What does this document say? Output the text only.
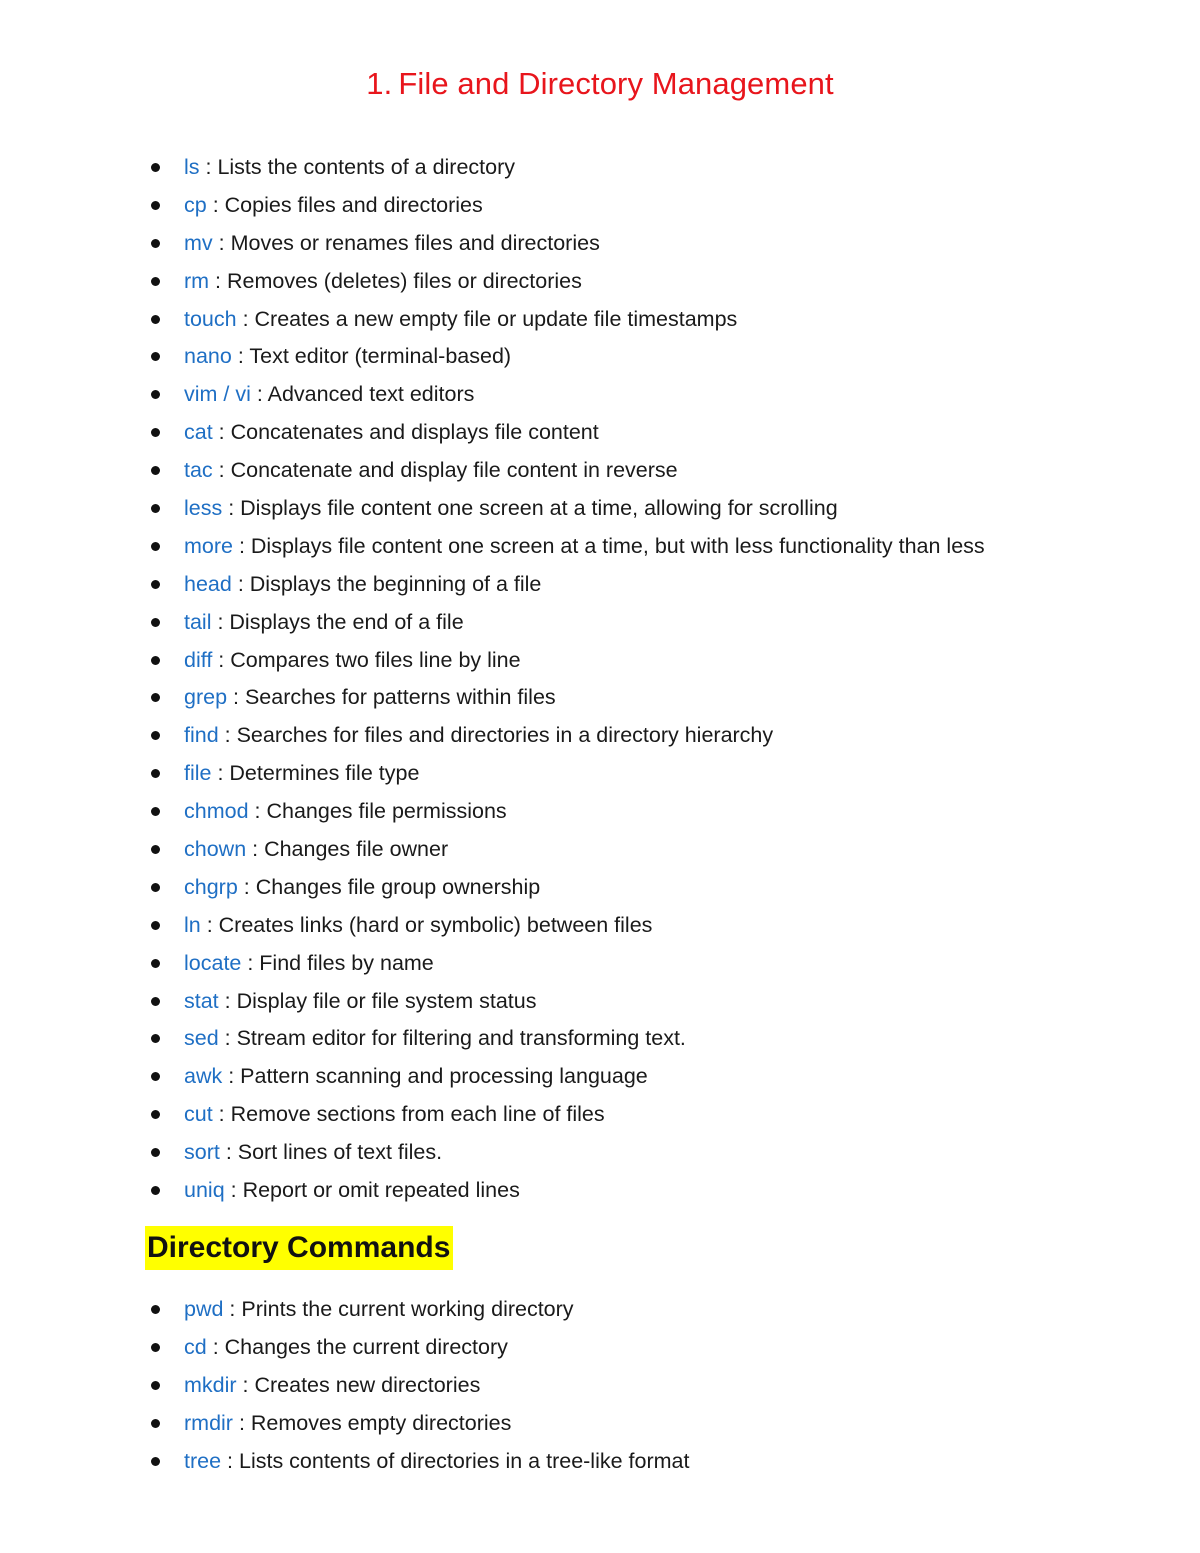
1. File and Directory Management
ls : Lists the contents of a directory
cp : Copies files and directories
mv : Moves or renames files and directories
rm : Removes (deletes) files or directories
touch : Creates a new empty file or update file timestamps
nano : Text editor (terminal-based)
vim / vi : Advanced text editors
cat : Concatenates and displays file content
tac : Concatenate and display file content in reverse
less : Displays file content one screen at a time, allowing for scrolling
more : Displays file content one screen at a time, but with less functionality than less
head : Displays the beginning of a file
tail : Displays the end of a file
diff : Compares two files line by line
grep : Searches for patterns within files
find : Searches for files and directories in a directory hierarchy
file : Determines file type
chmod : Changes file permissions
chown : Changes file owner
chgrp : Changes file group ownership
ln : Creates links (hard or symbolic) between files
locate : Find files by name
stat : Display file or file system status
sed : Stream editor for filtering and transforming text.
awk : Pattern scanning and processing language
cut : Remove sections from each line of files
sort : Sort lines of text files.
uniq : Report or omit repeated lines
Directory Commands
pwd : Prints the current working directory
cd : Changes the current directory
mkdir : Creates new directories
rmdir : Removes empty directories
tree : Lists contents of directories in a tree-like format
